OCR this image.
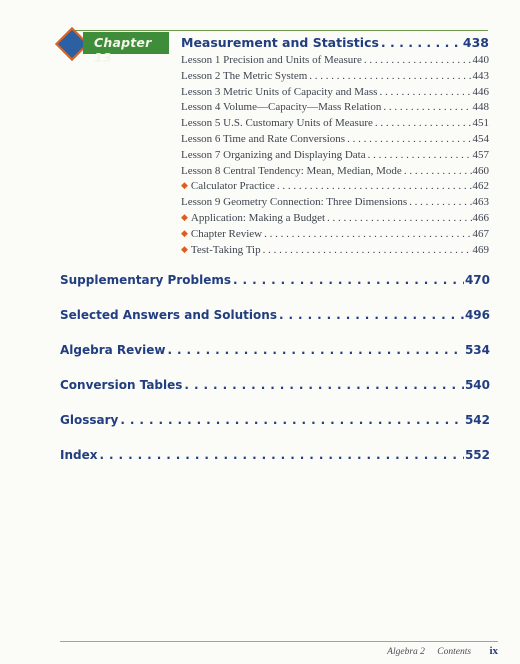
Chapter 13
Measurement and Statistics . . .	438
Lesson 1 Precision and Units of Measure . . .	440
Lesson 2 The Metric System . . .	443
Lesson 3 Metric Units of Capacity and Mass . . .	446
Lesson 4 Volume—Capacity—Mass Relation . . .	448
Lesson 5 U.S. Customary Units of Measure . . .	451
Lesson 6 Time and Rate Conversions . . .	454
Lesson 7 Organizing and Displaying Data . . .	457
Lesson 8 Central Tendency: Mean, Median, Mode . . .	460
◆ Calculator Practice . . .	462
Lesson 9 Geometry Connection: Three Dimensions . . .	463
◆ Application: Making a Budget . . .	466
◆ Chapter Review . . .	467
◆ Test-Taking Tip . . .	469
Supplementary Problems . . .	470
Selected Answers and Solutions . . .	496
Algebra Review . . .	534
Conversion Tables . . .	540
Glossary . . .	542
Index . . .	552
Algebra 2 Contents ix
